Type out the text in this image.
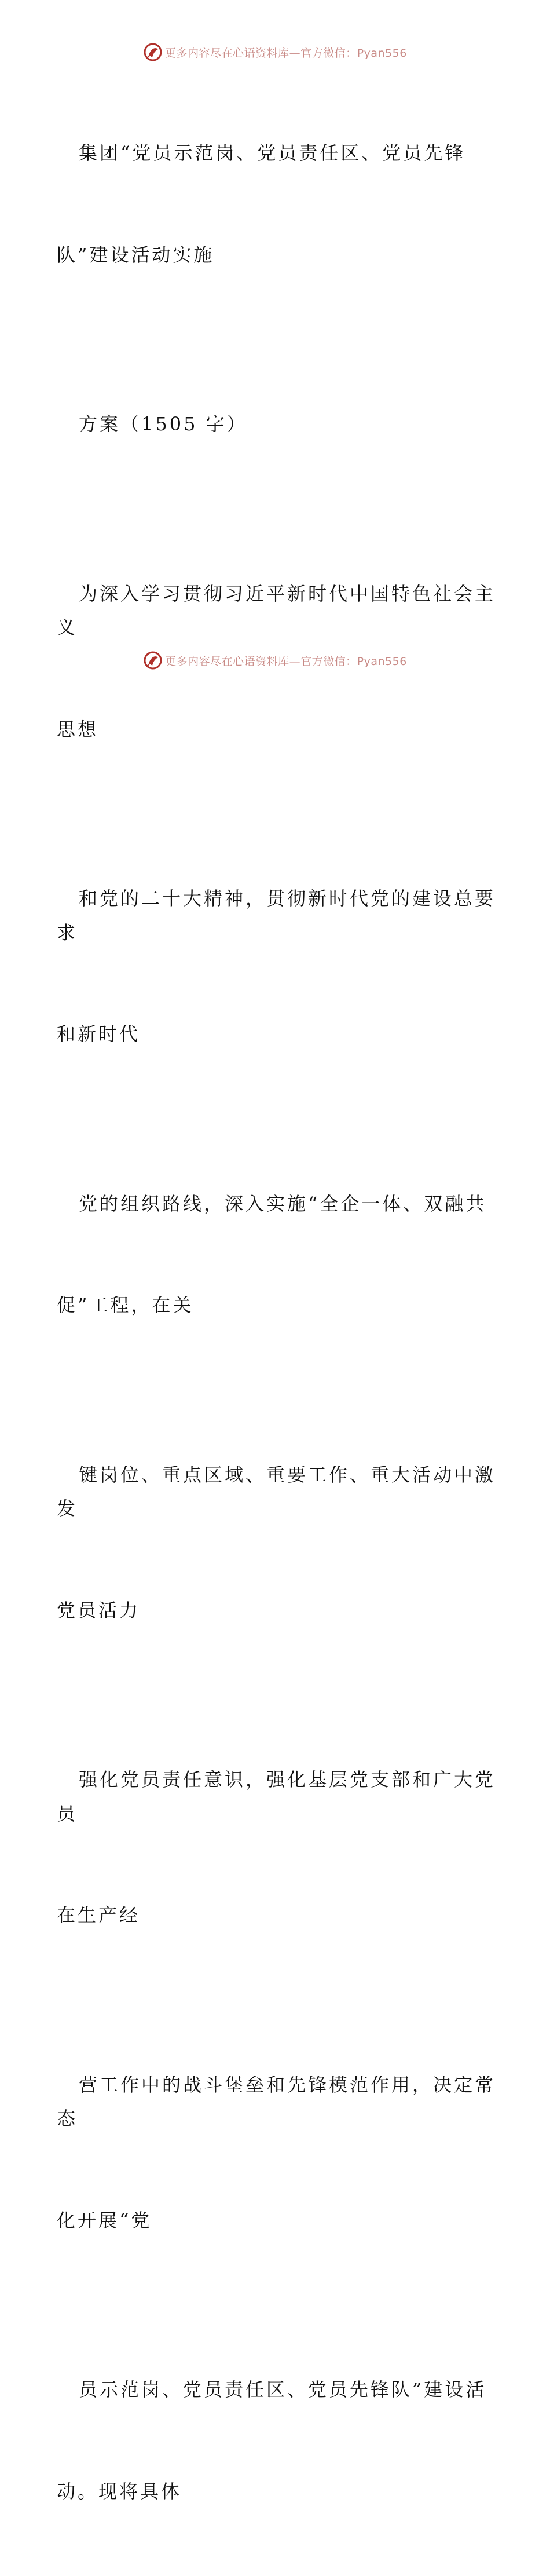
更多内容尽在心语资料库—官方微信：Pyan556

集团“党员示范岗、党员责任区、党员先锋

队”建设活动实施

方案（1505 字）

为深入学习贯彻习近平新时代中国特色社会主义

思想

和党的二十大精神，贯彻新时代党的建设总要求

和新时代

党的组织路线，深入实施“全企一体、双融共

促”工程，在关

键岗位、重点区域、重要工作、重大活动中激发

党员活力

强化党员责任意识，强化基层党支部和广大党员

在生产经

营工作中的战斗堡垒和先锋模范作用，决定常态

化开展“党

员示范岗、党员责任区、党员先锋队”建设活

动。现将具体

更多内容尽在心语资料库—官方微信：Pyan556
